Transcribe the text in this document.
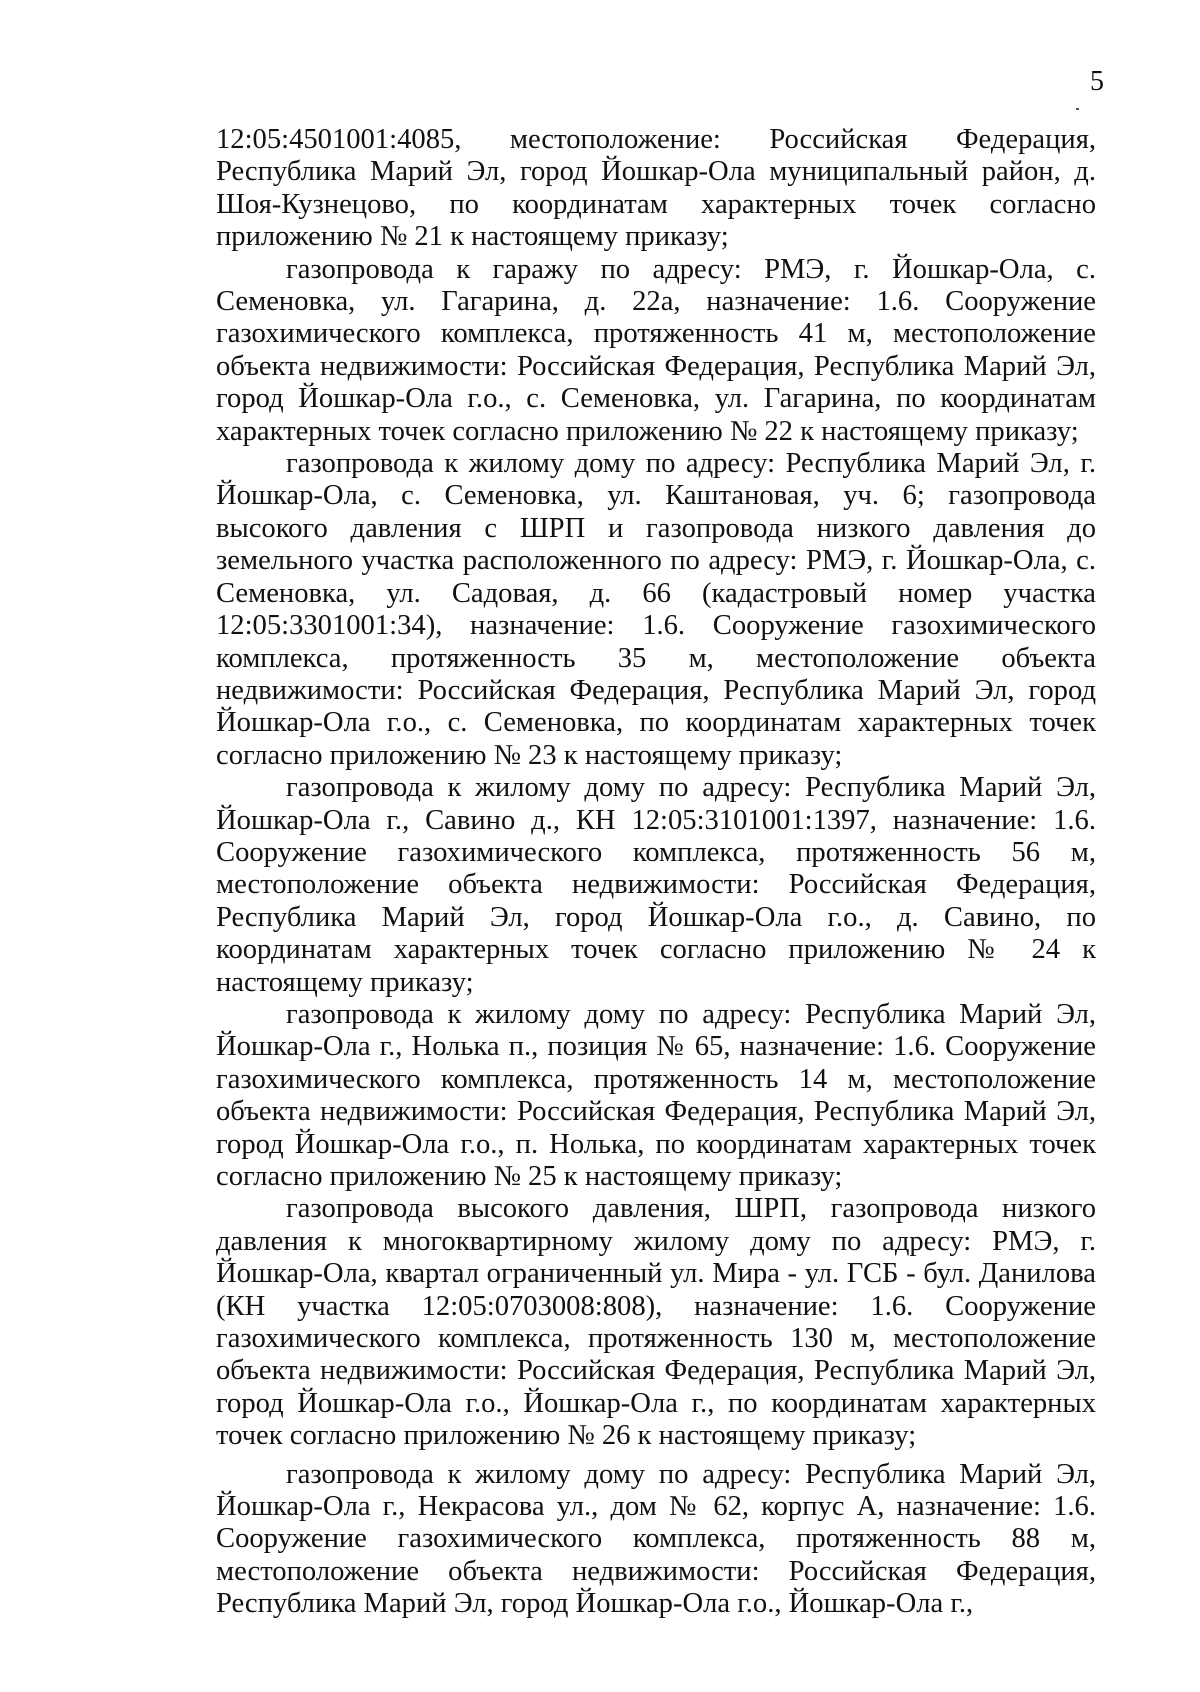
5

12:05:4501001:4085, местоположение: Российская Федерация, Республика Марий Эл, город Йошкар-Ола муниципальный район, д. Шоя-Кузнецово, по координатам характерных точек согласно приложению № 21 к настоящему приказу;

газопровода к гаражу по адресу: РМЭ, г. Йошкар-Ола, с. Семеновка, ул. Гагарина, д. 22а, назначение: 1.6. Сооружение газохимического комплекса, протяженность 41 м, местоположение объекта недвижимости: Российская Федерация, Республика Марий Эл, город Йошкар-Ола г.о., с. Семеновка, ул. Гагарина, по координатам характерных точек согласно приложению № 22 к настоящему приказу;

газопровода к жилому дому по адресу: Республика Марий Эл, г. Йошкар-Ола, с. Семеновка, ул. Каштановая, уч. 6; газопровода высокого давления с ШРП и газопровода низкого давления до земельного участка расположенного по адресу: РМЭ, г. Йошкар-Ола, с. Семеновка, ул. Садовая, д. 66 (кадастровый номер участка 12:05:3301001:34), назначение: 1.6. Сооружение газохимического комплекса, протяженность 35 м, местоположение объекта недвижимости: Российская Федерация, Республика Марий Эл, город Йошкар-Ола г.о., с. Семеновка, по координатам характерных точек согласно приложению № 23 к настоящему приказу;

газопровода к жилому дому по адресу: Республика Марий Эл, Йошкар-Ола г., Савино д., КН 12:05:3101001:1397, назначение: 1.6. Сооружение газохимического комплекса, протяженность 56 м, местоположение объекта недвижимости: Российская Федерация, Республика Марий Эл, город Йошкар-Ола г.о., д. Савино, по координатам характерных точек согласно приложению № 24 к настоящему приказу;

газопровода к жилому дому по адресу: Республика Марий Эл, Йошкар-Ола г., Нолька п., позиция № 65, назначение: 1.6. Сооружение газохимического комплекса, протяженность 14 м, местоположение объекта недвижимости: Российская Федерация, Республика Марий Эл, город Йошкар-Ола г.о., п. Нолька, по координатам характерных точек согласно приложению № 25 к настоящему приказу;

газопровода высокого давления, ШРП, газопровода низкого давления к многоквартирному жилому дому по адресу: РМЭ, г. Йошкар-Ола, квартал ограниченный ул. Мира - ул. ГСБ - бул. Данилова (КН участка 12:05:0703008:808), назначение: 1.6. Сооружение газохимического комплекса, протяженность 130 м, местоположение объекта недвижимости: Российская Федерация, Республика Марий Эл, город Йошкар-Ола г.о., Йошкар-Ола г., по координатам характерных точек согласно приложению № 26 к настоящему приказу;

газопровода к жилому дому по адресу: Республика Марий Эл, Йошкар-Ола г., Некрасова ул., дом № 62, корпус А, назначение: 1.6. Сооружение газохимического комплекса, протяженность 88 м, местоположение объекта недвижимости: Российская Федерация, Республика Марий Эл, город Йошкар-Ола г.о., Йошкар-Ола г.,
